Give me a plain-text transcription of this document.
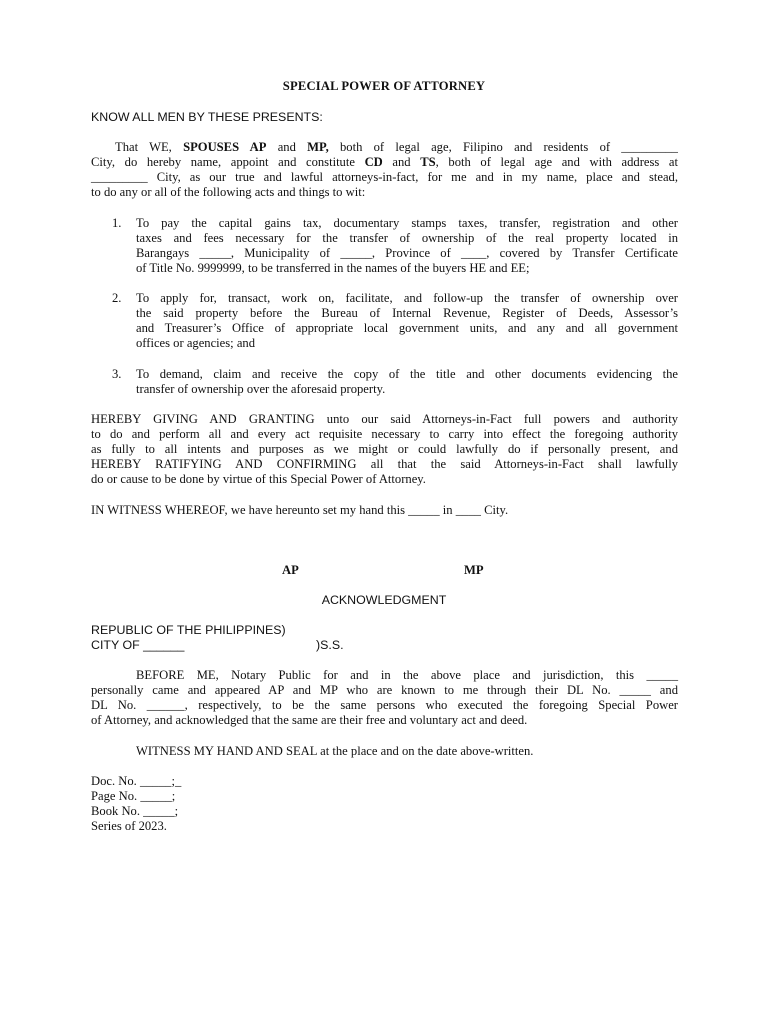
SPECIAL POWER OF ATTORNEY
KNOW ALL MEN BY THESE PRESENTS:
That WE, SPOUSES AP and MP, both of legal age, Filipino and residents of _________
City, do hereby name, appoint and constitute CD and TS, both of legal age and with address at
_________ City, as our true and lawful attorneys-in-fact, for me and in my name, place and stead,
to do any or all of the following acts and things to wit:
1. To pay the capital gains tax, documentary stamps taxes, transfer, registration and other
taxes and fees necessary for the transfer of ownership of the real property located in
Barangays _____, Municipality of _____, Province of ____, covered by Transfer Certificate
of Title No. 9999999, to be transferred in the names of the buyers HE and EE;
2. To apply for, transact, work on, facilitate, and follow-up the transfer of ownership over
the said property before the Bureau of Internal Revenue, Register of Deeds, Assessor’s
and Treasurer’s Office of appropriate local government units, and any and all government
offices or agencies; and
3. To demand, claim and receive the copy of the title and other documents evidencing the
transfer of ownership over the aforesaid property.
HEREBY GIVING AND GRANTING unto our said Attorneys-in-Fact full powers and authority
to do and perform all and every act requisite necessary to carry into effect the foregoing authority
as fully to all intents and purposes as we might or could lawfully do if personally present, and
HEREBY RATIFYING AND CONFIRMING all that the said Attorneys-in-Fact shall lawfully
do or cause to be done by virtue of this Special Power of Attorney.
IN WITNESS WHEREOF, we have hereunto set my hand this _____ in ____ City.
AP	MP
ACKNOWLEDGMENT
REPUBLIC OF THE PHILIPPINES)
CITY OF ______	)S.S.
BEFORE ME, Notary Public for and in the above place and jurisdiction, this _____
personally came and appeared AP and MP who are known to me through their DL No. _____ and
DL No. ______, respectively, to be the same persons who executed the foregoing Special Power
of Attorney, and acknowledged that the same are their free and voluntary act and deed.
WITNESS MY HAND AND SEAL at the place and on the date above-written.
Doc. No. _____;_
Page No. _____;
Book No. _____;
Series of 2023.
